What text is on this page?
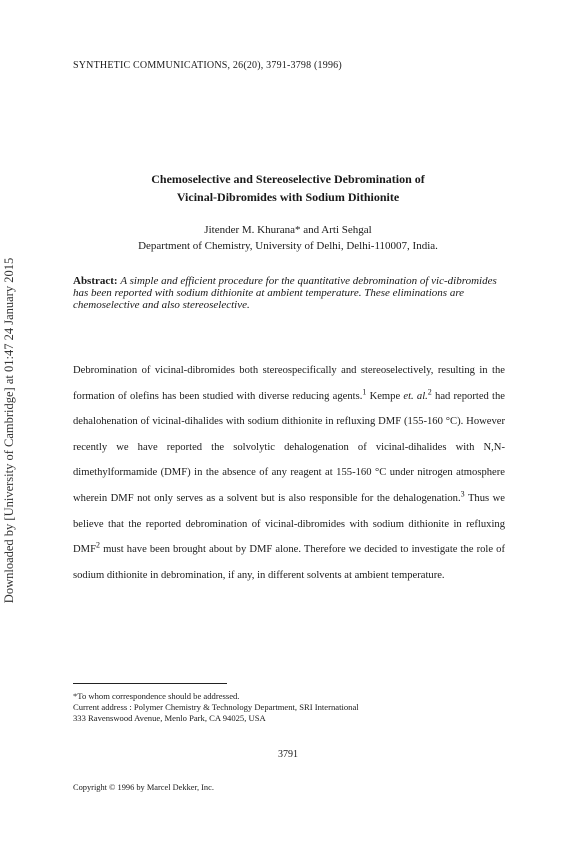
Downloaded by [University of Cambridge] at 01:47 24 January 2015
SYNTHETIC COMMUNICATIONS, 26(20), 3791-3798 (1996)
Chemoselective and Stereoselective Debromination of
Vicinal-Dibromides with Sodium Dithionite
Jitender M. Khurana* and Arti Sehgal
Department of Chemistry, University of Delhi, Delhi-110007, India.
Abstract: A simple and efficient procedure for the quantitative debromination of vic-dibromides has been reported with sodium dithionite at ambient temperature. These eliminations are chemoselective and also stereoselective.

Debromination of vicinal-dibromides both stereospecifically and stereoselectively, resulting in the formation of olefins has been studied with diverse reducing agents.$^1$ Kempe et. al.$^2$ had reported the dehalohenation of vicinal-dihalides with sodium dithionite in refluxing DMF (155-160 °C). However recently we have reported the solvolytic dehalogenation of vicinal-dihalides with N,N-dimethylformamide (DMF) in the absence of any reagent at 155-160 °C under nitrogen atmosphere wherein DMF not only serves as a solvent but is also responsible for the dehalogenation.$^3$ Thus we believe that the reported debromination of vicinal-dibromides with sodium dithionite in refluxing DMF$^2$ must have been brought about by DMF alone. Therefore we decided to investigate the role of sodium dithionite in debromination, if any, in different solvents at ambient temperature.

*To whom correspondence should be addressed.
Current address : Polymer Chemistry & Technology Department, SRI International
333 Ravenswood Avenue, Menlo Park, CA 94025, USA
3791
Copyright © 1996 by Marcel Dekker, Inc.
